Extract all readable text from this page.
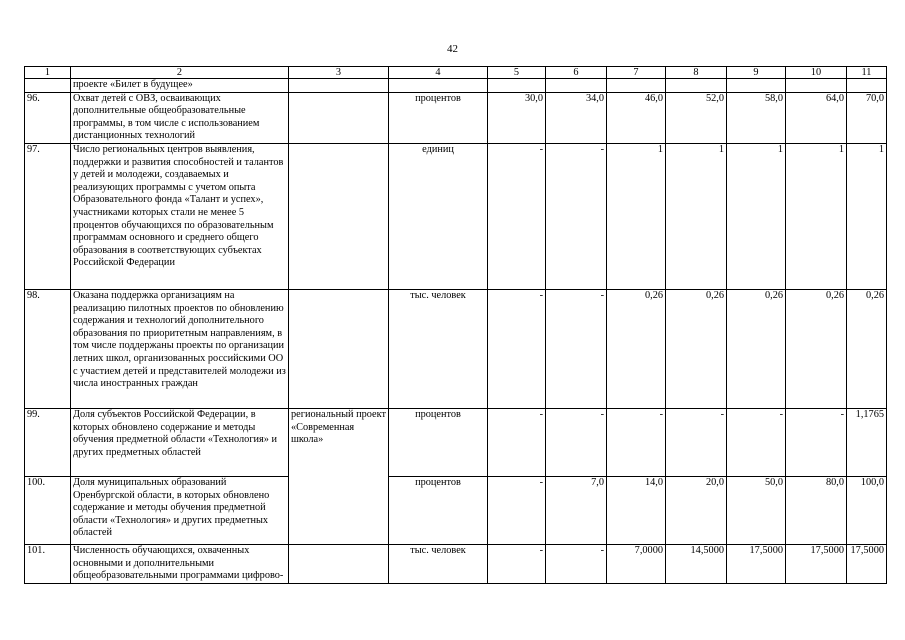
42
1	2	3	4	5	6	7	8	9	10	11
	проекте «Билет в будущее»									
96.	Охват детей с ОВЗ, осваивающих дополнительные общеобразовательные программы, в том числе с использованием дистанционных технологий		процентов	30,0	34,0	46,0	52,0	58,0	64,0	70,0
97.	Число региональных центров выявления, поддержки и развития способностей и талантов у детей и молодежи, создаваемых и реализующих программы с учетом опыта Образовательного фонда «Талант и успех», участниками которых стали не менее 5 процентов обучающихся по образовательным программам основного и среднего общего образования в соответствующих субъектах Российской Федерации		единиц	-	-	1	1	1	1	1
98.	Оказана поддержка организациям на реализацию пилотных проектов по обновлению содержания и технологий дополнительного образования по приоритетным направлениям, в том числе поддержаны проекты по организации летних школ, организованных российскими ОО с участием детей и представителей молодежи из числа иностранных граждан		тыс. человек	-	-	0,26	0,26	0,26	0,26	0,26
99.	Доля субъектов Российской Федерации, в которых обновлено содержание и методы обучения предметной области «Технология» и других предметных областей	региональный проект «Современная школа»	процентов	-	-	-	-	-	-	1,1765
100.	Доля муниципальных образований Оренбургской области, в которых обновлено содержание и методы обучения предметной области «Технология» и других предметных областей		процентов	-	7,0	14,0	20,0	50,0	80,0	100,0
101.	Численность обучающихся, охваченных основными и дополнительными общеобразовательными программами цифрово-		тыс. человек	-	-	7,0000	14,5000	17,5000	17,5000	17,5000
